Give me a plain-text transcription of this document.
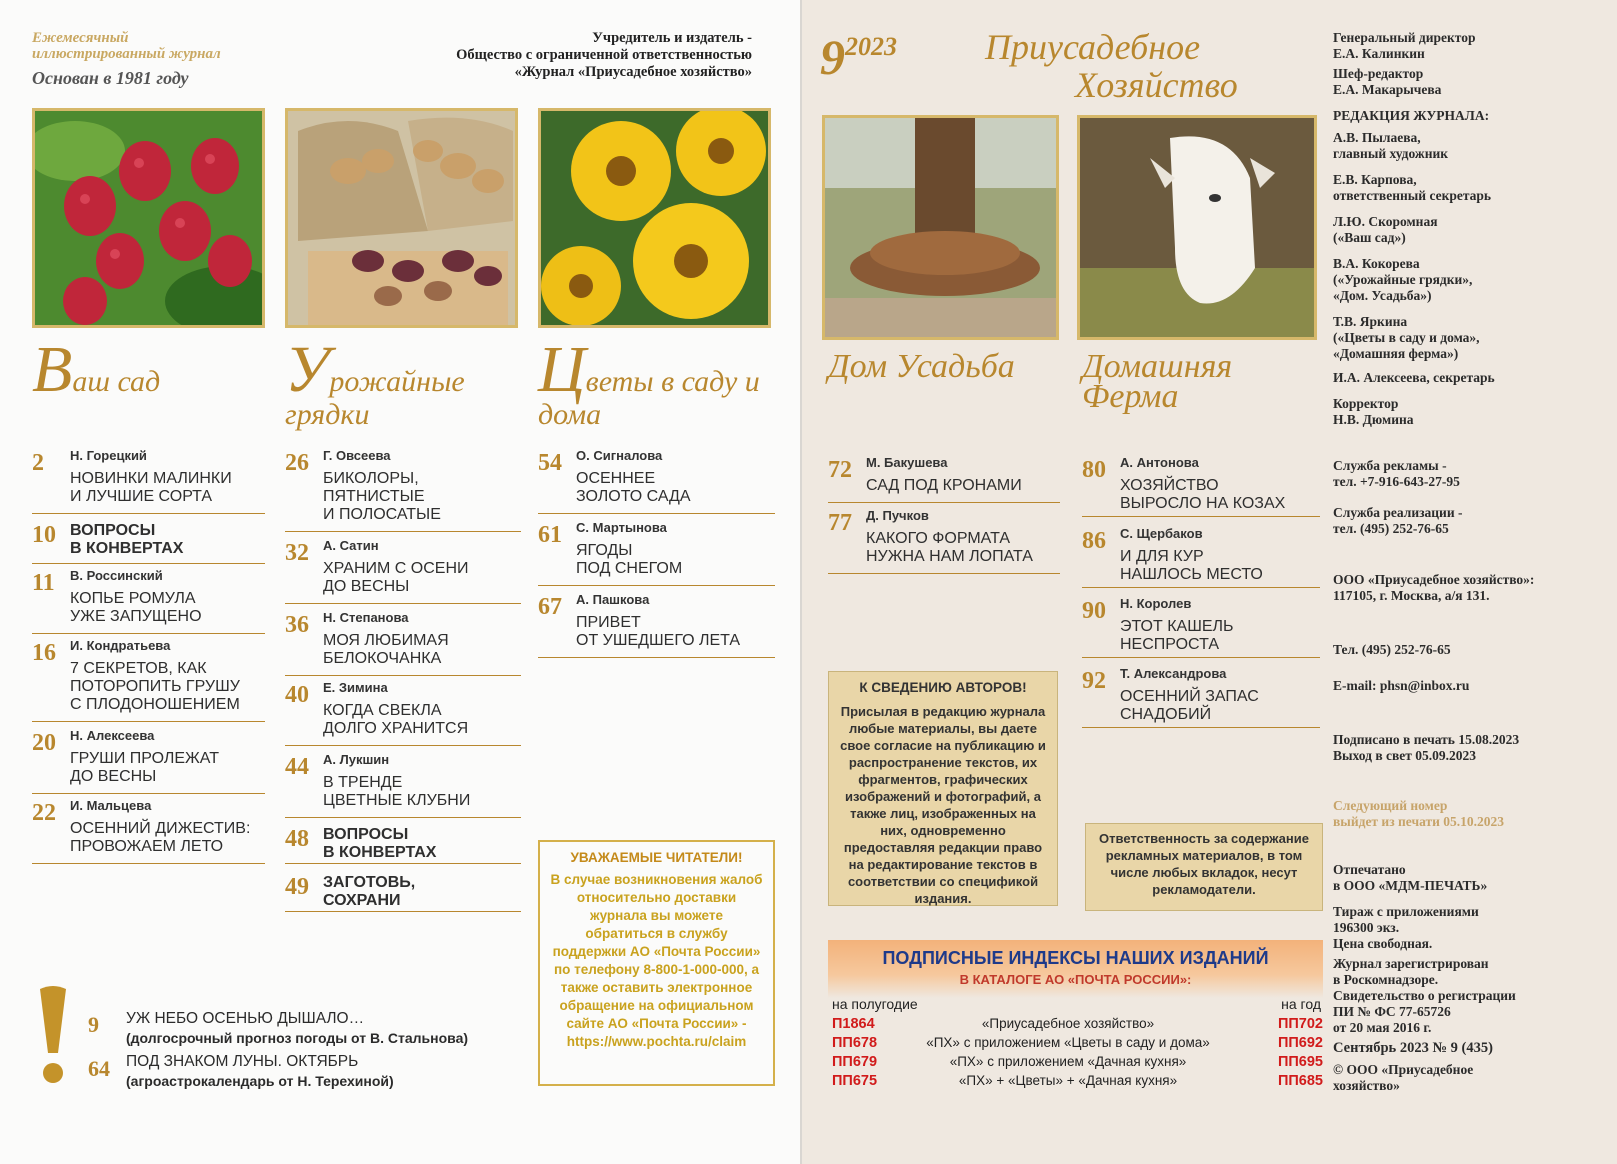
Ежемесячный
иллюстрированный журнал
Основан в 1981 году
Учредитель и издатель -
Общество с ограниченной ответственностью
«Журнал «Приусадебное хозяйство»
Ваш сад	Урожайные грядки
Цветы в саду и дома
2 Н. Горецкий
НОВИНКИ МАЛИНКИ
И ЛУЧШИЕ СОРТА
10 ВОПРОСЫ
В КОНВЕРТАХ
11 В. Россинский
КОПЬЕ РОМУЛА
УЖЕ ЗАПУЩЕНО
16 И. Кондратьева
7 СЕКРЕТОВ, КАК
ПОТОРОПИТЬ ГРУШУ
С ПЛОДОНОШЕНИЕМ
20 Н. Алексеева
ГРУШИ ПРОЛЕЖАТ
ДО ВЕСНЫ
22 И. Мальцева
ОСЕННИЙ ДИЖЕСТИВ:
ПРОВОЖАЕМ ЛЕТО
26 Г. Овсеева
БИКОЛОРЫ,
ПЯТНИСТЫЕ
И ПОЛОСАТЫЕ
32 А. Сатин
ХРАНИМ С ОСЕНИ
ДО ВЕСНЫ
36 Н. Степанова
МОЯ ЛЮБИМАЯ
БЕЛОКОЧАНКА
40 Е. Зимина
КОГДА СВЕКЛА
ДОЛГО ХРАНИТСЯ
44 А. Лукшин
В ТРЕНДЕ
ЦВЕТНЫЕ КЛУБНИ
48 ВОПРОСЫ
В КОНВЕРТАХ
49 ЗАГОТОВЬ,
СОХРАНИ
54 О. Сигналова
ОСЕННЕЕ
ЗОЛОТО САДА
61 С. Мартынова
ЯГОДЫ
ПОД СНЕГОМ
67 А. Пашкова
ПРИВЕТ
ОТ УШЕДШЕГО ЛЕТА
УВАЖАЕМЫЕ ЧИТАТЕЛИ!
В случае возникновения жалоб относительно доставки журнала вы можете обратиться в службу поддержки АО «Почта России» по телефону 8-800-1-000-000, а также оставить электронное обращение на официальном сайте АО «Почта России» - https://www.pochta.ru/claim
9 УЖ НЕБО ОСЕНЬЮ ДЫШАЛО…
(долгосрочный прогноз погоды от В. Стальнова)
64 ПОД ЗНАКОМ ЛУНЫ. ОКТЯБРЬ
(агроастрокалендарь от Н. Терехиной)
92023 Приусадебное
Хозяйство
Дом Усадьба	Домашняя Ферма
72 М. Бакушева
САД ПОД КРОНАМИ
77 Д. Пучков
КАКОГО ФОРМАТА
НУЖНА НАМ ЛОПАТА
80 А. Антонова
ХОЗЯЙСТВО
ВЫРОСЛО НА КОЗАХ
86 С. Щербаков
И ДЛЯ КУР
НАШЛОСЬ МЕСТО
90 Н. Королев
ЭТОТ КАШЕЛЬ
НЕСПРОСТА
92 Т. Александрова
ОСЕННИЙ ЗАПАС
СНАДОБИЙ
К СВЕДЕНИЮ АВТОРОВ!
Присылая в редакцию журнала любые материалы, вы даете свое согласие на публикацию и распространение текстов, их фрагментов, графических изображений и фотографий, а также лиц, изображенных на них, одновременно предоставляя редакции право на редактирование текстов в соответствии со спецификой издания.
Ответственность за содержание рекламных материалов, в том числе любых вкладок, несут рекламодатели.
ПОДПИСНЫЕ ИНДЕКСЫ НАШИХ ИЗДАНИЙ
В КАТАЛОГЕ АО «ПОЧТА РОССИИ»:
на полугодие	на год
П1864	«Приусадебное хозяйство»	ПП702
ПП678	«ПХ» с приложением «Цветы в саду и дома»	ПП692
ПП679	«ПХ» с приложением «Дачная кухня»	ПП695
ПП675	«ПХ» + «Цветы» + «Дачная кухня»	ПП685
Генеральный директор
Е.А. Калинкин
Шеф-редактор
Е.А. Макарычева
РЕДАКЦИЯ ЖУРНАЛА:
А.В. Пылаева,
главный художник
Е.В. Карпова,
ответственный секретарь
Л.Ю. Скоромная
(«Ваш сад»)
В.А. Кокорева
(«Урожайные грядки»,
«Дом. Усадьба»)
Т.В. Яркина
(«Цветы в саду и дома»,
«Домашняя ферма»)
И.А. Алексеева, секретарь
Корректор
Н.В. Дюмина
Служба рекламы -
тел. +7-916-643-27-95
Служба реализации -
тел. (495) 252-76-65
ООО «Приусадебное хозяйство»:
117105, г. Москва, а/я 131.
Тел. (495) 252-76-65
E-mail: phsn@inbox.ru
Подписано в печать 15.08.2023
Выход в свет 05.09.2023
Следующий номер
выйдет из печати 05.10.2023
Отпечатано
в ООО «МДМ-ПЕЧАТЬ»
Тираж с приложениями
196300 экз.
Цена свободная.
Журнал зарегистрирован
в Роскомнадзоре.
Свидетельство о регистрации
ПИ № ФС 77-65726
от 20 мая 2016 г.
Сентябрь 2023 № 9 (435)
© ООО «Приусадебное
хозяйство»
